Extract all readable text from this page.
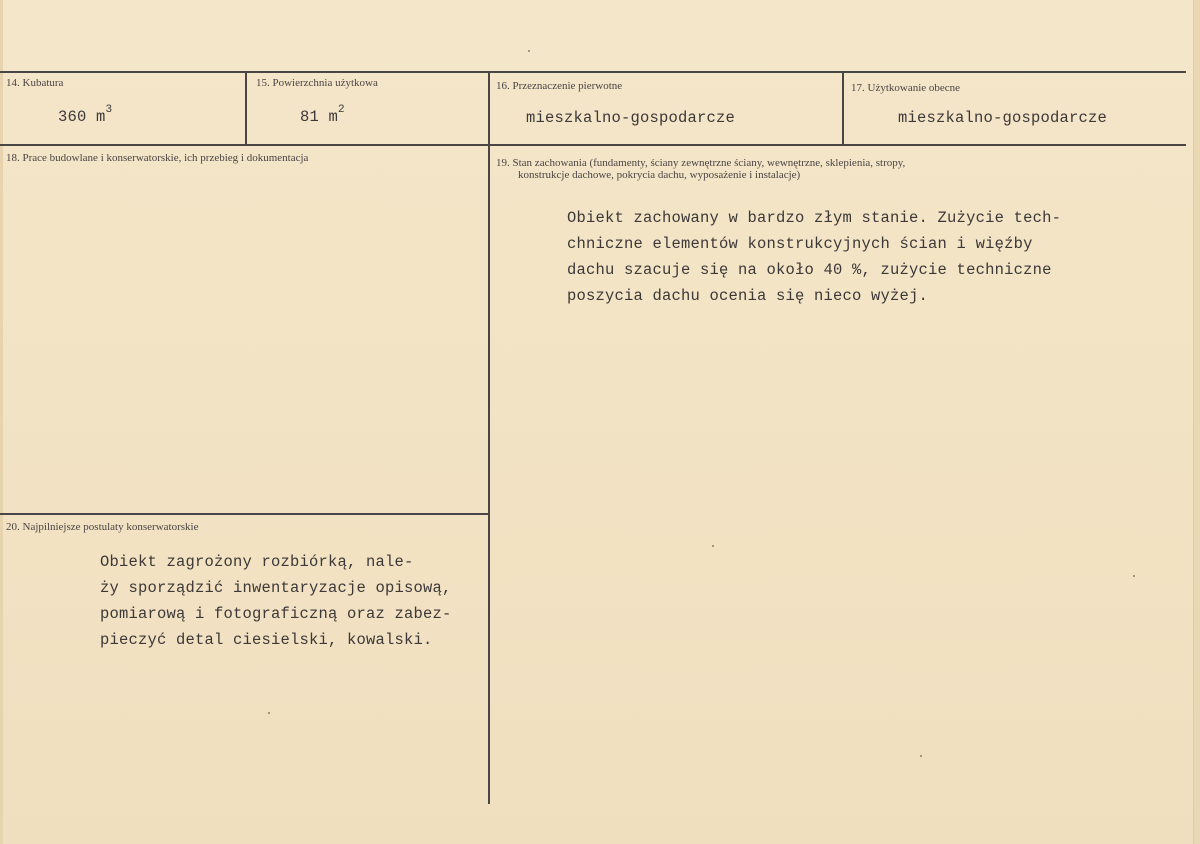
14. Kubatura
360 $m^3$
15. Powierzchnia użytkowa
81 $m^2$
16. Przeznaczenie pierwotne
mieszkalno-gospodarcze
17. Użytkowanie obecne
mieszkalno-gospodarcze
18. Prace budowlane i konserwatorskie, ich przebieg i dokumentacja	19. Stan zachowania (fundamenty, ściany zewnętrzne ściany, wewnętrzne, sklepienia, stropy,
konstrukcje dachowe, pokrycia dachu, wyposażenie i instalacje)
Obiekt zachowany w bardzo złym stanie. Zużycie tech-
chniczne elementów konstrukcyjnych ścian i więźby
dachu szacuje się na około 40 %, zużycie techniczne
poszycia dachu ocenia się nieco wyżej.
20. Najpilniejsze postulaty konserwatorskie
Obiekt zagrożony rozbiórką, nale-
ży sporządzić inwentaryzacje opisową,
pomiarową i fotograficzną oraz zabez-
pieczyć detal ciesielski, kowalski.
